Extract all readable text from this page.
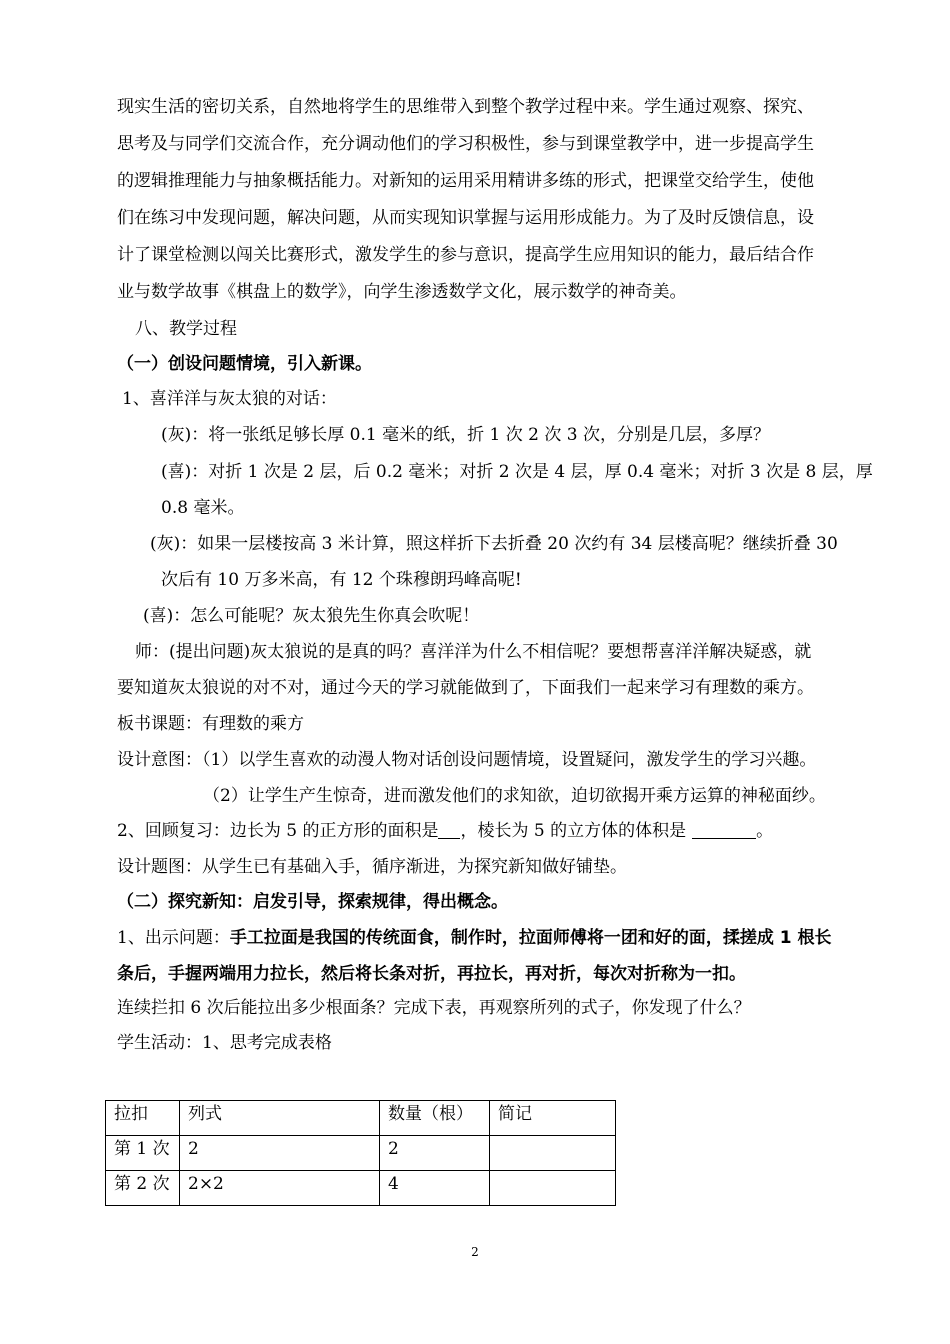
现实生活的密切关系，自然地将学生的思维带入到整个教学过程中来。学生通过观察、探究、
思考及与同学们交流合作，充分调动他们的学习积极性，参与到课堂教学中，进一步提高学生
的逻辑推理能力与抽象概括能力。对新知的运用采用精讲多练的形式，把课堂交给学生，使他
们在练习中发现问题，解决问题，从而实现知识掌握与运用形成能力。为了及时反馈信息，设
计了课堂检测以闯关比赛形式，激发学生的参与意识，提高学生应用知识的能力，最后结合作
业与数学故事《棋盘上的数学》，向学生渗透数学文化，展示数学的神奇美。
八、教学过程
（一）创设问题情境，引入新课。
1、喜洋洋与灰太狼的对话：
(灰)：将一张纸足够长厚 0.1 毫米的纸，折 1 次 2 次 3 次，分别是几层，多厚？
(喜)：对折 1 次是 2 层，后 0.2 毫米；对折 2 次是 4 层，厚 0.4 毫米；对折 3 次是 8 层，厚
0.8 毫米。
(灰)：如果一层楼按高 3 米计算，照这样折下去折叠 20 次约有 34 层楼高呢？继续折叠 30
次后有 10 万多米高，有 12 个珠穆朗玛峰高呢!
(喜)：怎么可能呢？灰太狼先生你真会吹呢！
师：(提出问题)灰太狼说的是真的吗？喜洋洋为什么不相信呢？要想帮喜洋洋解决疑惑，就
要知道灰太狼说的对不对，通过今天的学习就能做到了，下面我们一起来学习有理数的乘方。
板书课题：有理数的乘方
设计意图：（1）以学生喜欢的动漫人物对话创设问题情境，设置疑问，激发学生的学习兴趣。
（2）让学生产生惊奇，进而激发他们的求知欲，迫切欲揭开乘方运算的神秘面纱。
2、回顾复习：边长为 5 的正方形的面积是 ，棱长为 5 的立方体的体积是	。
设计题图：从学生已有基础入手，循序渐进，为探究新知做好铺垫。
（二）探究新知：启发引导，探索规律，得出概念。
1、出示问题：手工拉面是我国的传统面食，制作时，拉面师傅将一团和好的面，揉搓成 1 根长
条后，手握两端用力拉长，然后将长条对折，再拉长，再对折，每次对折称为一扣。
连续拦扣 6 次后能拉出多少根面条？完成下表，再观察所列的式子，你发现了什么？
学生活动：1、思考完成表格
拉扣	列式	数量（根）	简记
第 1 次	2	2	
第 2 次	2×2	4	
2
